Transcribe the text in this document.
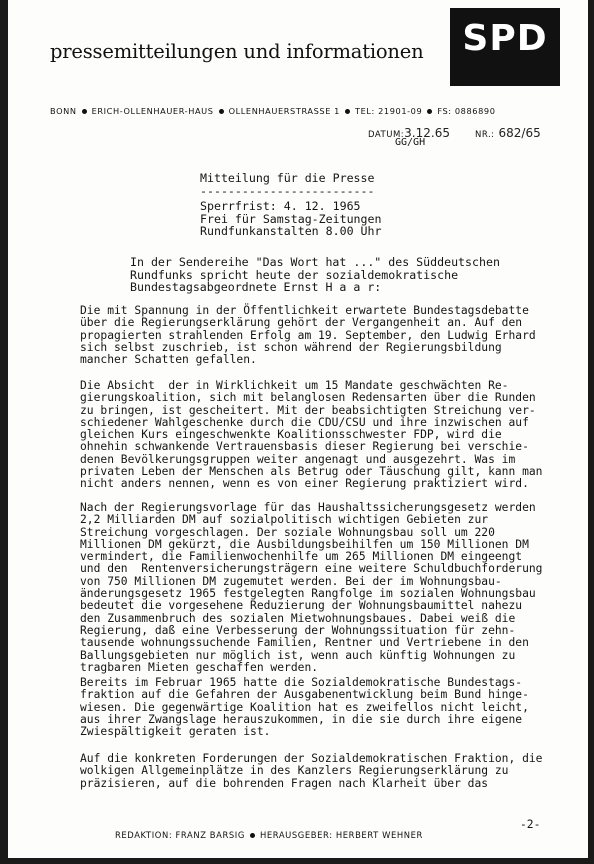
pressemitteilungen und informationen	SPD
BONN ERICH-OLLENHAUER-HAUS OLLENHAUERSTRASSE 1 TEL: 21901-09 FS: 0886890
DATUM:3.12.65	NR.: 682/65
GG/GH
Mitteilung für die Presse
-------------------------
Sperrfrist: 4. 12. 1965
Frei für Samstag-Zeitungen
Rundfunkanstalten 8.00 Uhr
In der Sendereihe "Das Wort hat ..." des Süddeutschen
Rundfunks spricht heute der sozialdemokratische
Bundestagsabgeordnete Ernst H a a r:
Die mit Spannung in der Öffentlichkeit erwartete Bundestagsdebatte
über die Regierungserklärung gehört der Vergangenheit an. Auf den
propagierten strahlenden Erfolg am 19. September, den Ludwig Erhard
sich selbst zuschrieb, ist schon während der Regierungsbildung
mancher Schatten gefallen.
Die Absicht  der in Wirklichkeit um 15 Mandate geschwächten Re-
gierungskoalition, sich mit belanglosen Redensarten über die Runden
zu bringen, ist gescheitert. Mit der beabsichtigten Streichung ver-
schiedener Wahlgeschenke durch die CDU/CSU und ihre inzwischen auf
gleichen Kurs eingeschwenkte Koalitionsschwester FDP, wird die
ohnehin schwankende Vertrauensbasis dieser Regierung bei verschie-
denen Bevölkerungsgruppen weiter angenagt und ausgezehrt. Was im
privaten Leben der Menschen als Betrug oder Täuschung gilt, kann man
nicht anders nennen, wenn es von einer Regierung praktiziert wird.
Nach der Regierungsvorlage für das Haushaltssicherungsgesetz werden
2,2 Milliarden DM auf sozialpolitisch wichtigen Gebieten zur
Streichung vorgeschlagen. Der soziale Wohnungsbau soll um 220
Millionen DM gekürzt, die Ausbildungsbeihilfen um 150 Millionen DM
vermindert, die Familienwochenhilfe um 265 Millionen DM eingeengt
und den  Rentenversicherungsträgern eine weitere Schuldbuchforderung
von 750 Millionen DM zugemutet werden. Bei der im Wohnungsbau-
änderungsgesetz 1965 festgelegten Rangfolge im sozialen Wohnungsbau
bedeutet die vorgesehene Reduzierung der Wohnungsbaumittel nahezu
den Zusammenbruch des sozialen Mietwohnungsbaues. Dabei weiß die
Regierung, daß eine Verbesserung der Wohnungssituation für zehn-
tausende wohnungssuchende Familien, Rentner und Vertriebene in den
Ballungsgebieten nur möglich ist, wenn auch künftig Wohnungen zu
tragbaren Mieten geschaffen werden.
Bereits im Februar 1965 hatte die Sozialdemokratische Bundestags-
fraktion auf die Gefahren der Ausgabenentwicklung beim Bund hinge-
wiesen. Die gegenwärtige Koalition hat es zweifellos nicht leicht,
aus ihrer Zwangslage herauszukommen, in die sie durch ihre eigene
Zwiespältigkeit geraten ist.
Auf die konkreten Forderungen der Sozialdemokratischen Fraktion, die
wolkigen Allgemeinplätze in des Kanzlers Regierungserklärung zu
präzisieren, auf die bohrenden Fragen nach Klarheit über das
-2-
REDAKTION: FRANZ BARSIG HERAUSGEBER: HERBERT WEHNER
